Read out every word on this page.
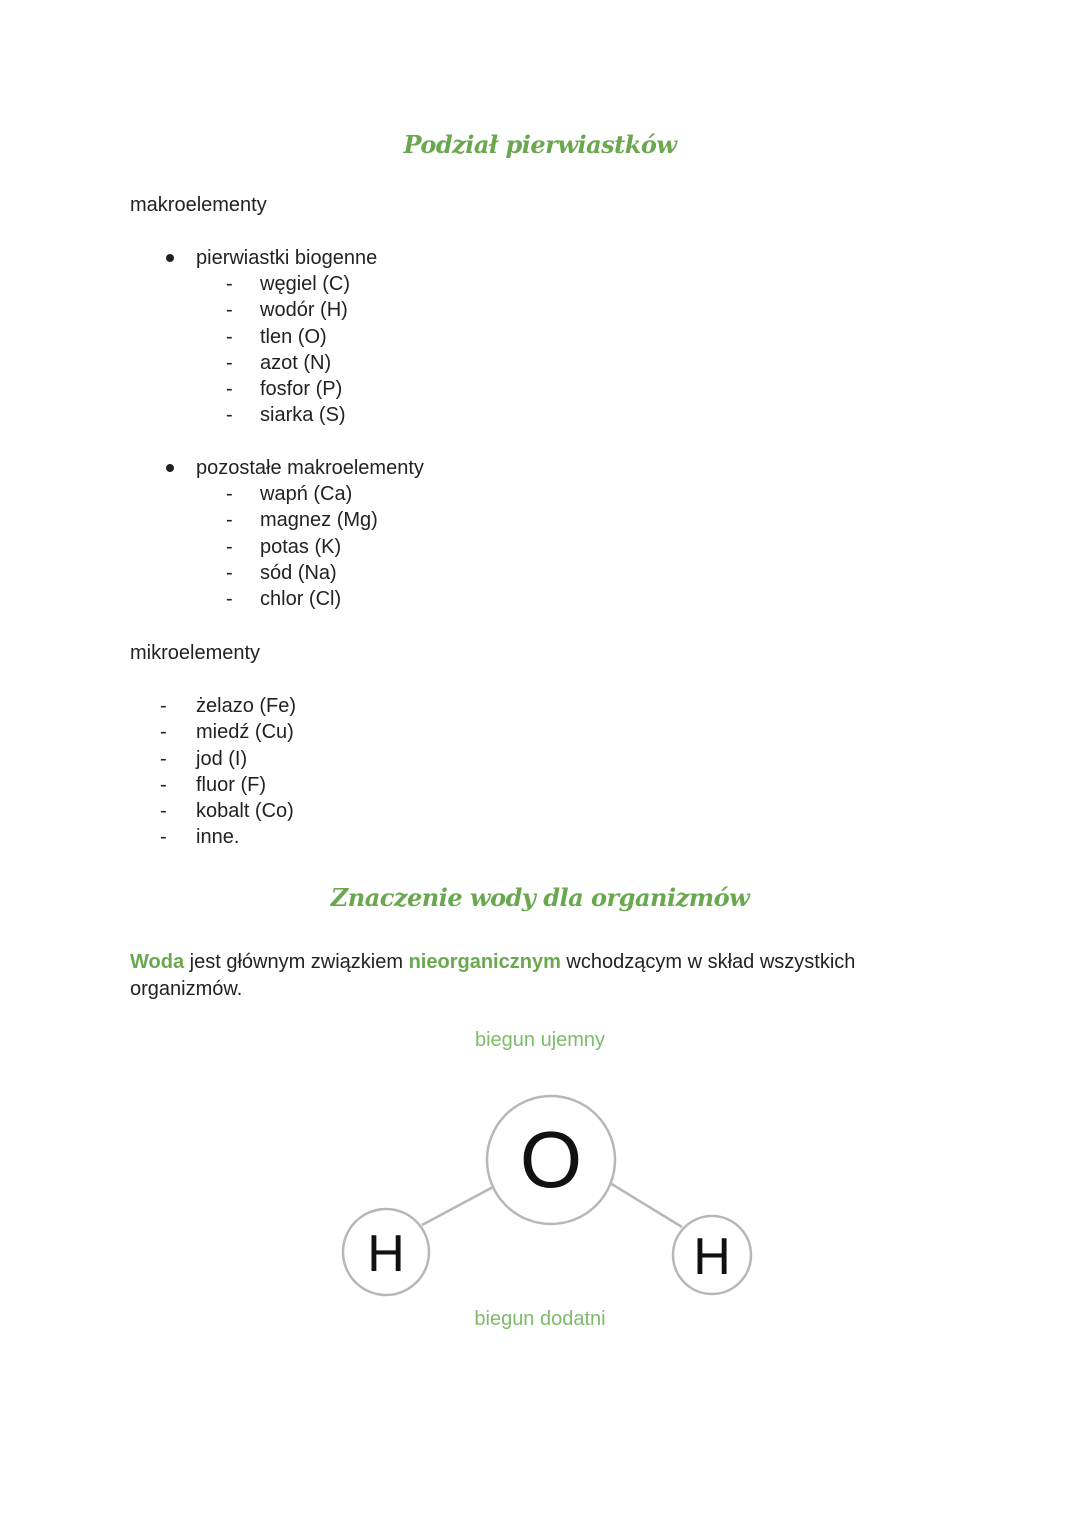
Podział pierwiastków
makroelementy
pierwiastki biogenne
-	węgiel (C)
-	wodór (H)
-	tlen (O)
-	azot (N)
-	fosfor (P)
-	siarka (S)
pozostałe makroelementy
-	wapń (Ca)
-	magnez (Mg)
-	potas (K)
-	sód (Na)
-	chlor (Cl)
mikroelementy
-	żelazo (Fe)
-	miedź (Cu)
-	jod (I)
-	fluor (F)
-	kobalt (Co)
-	inne.
Znaczenie wody dla organizmów

Woda jest głównym związkiem nieorganicznym wchodzącym w skład wszystkich organizmów.

biegun ujemny
O
H	H
biegun dodatni
